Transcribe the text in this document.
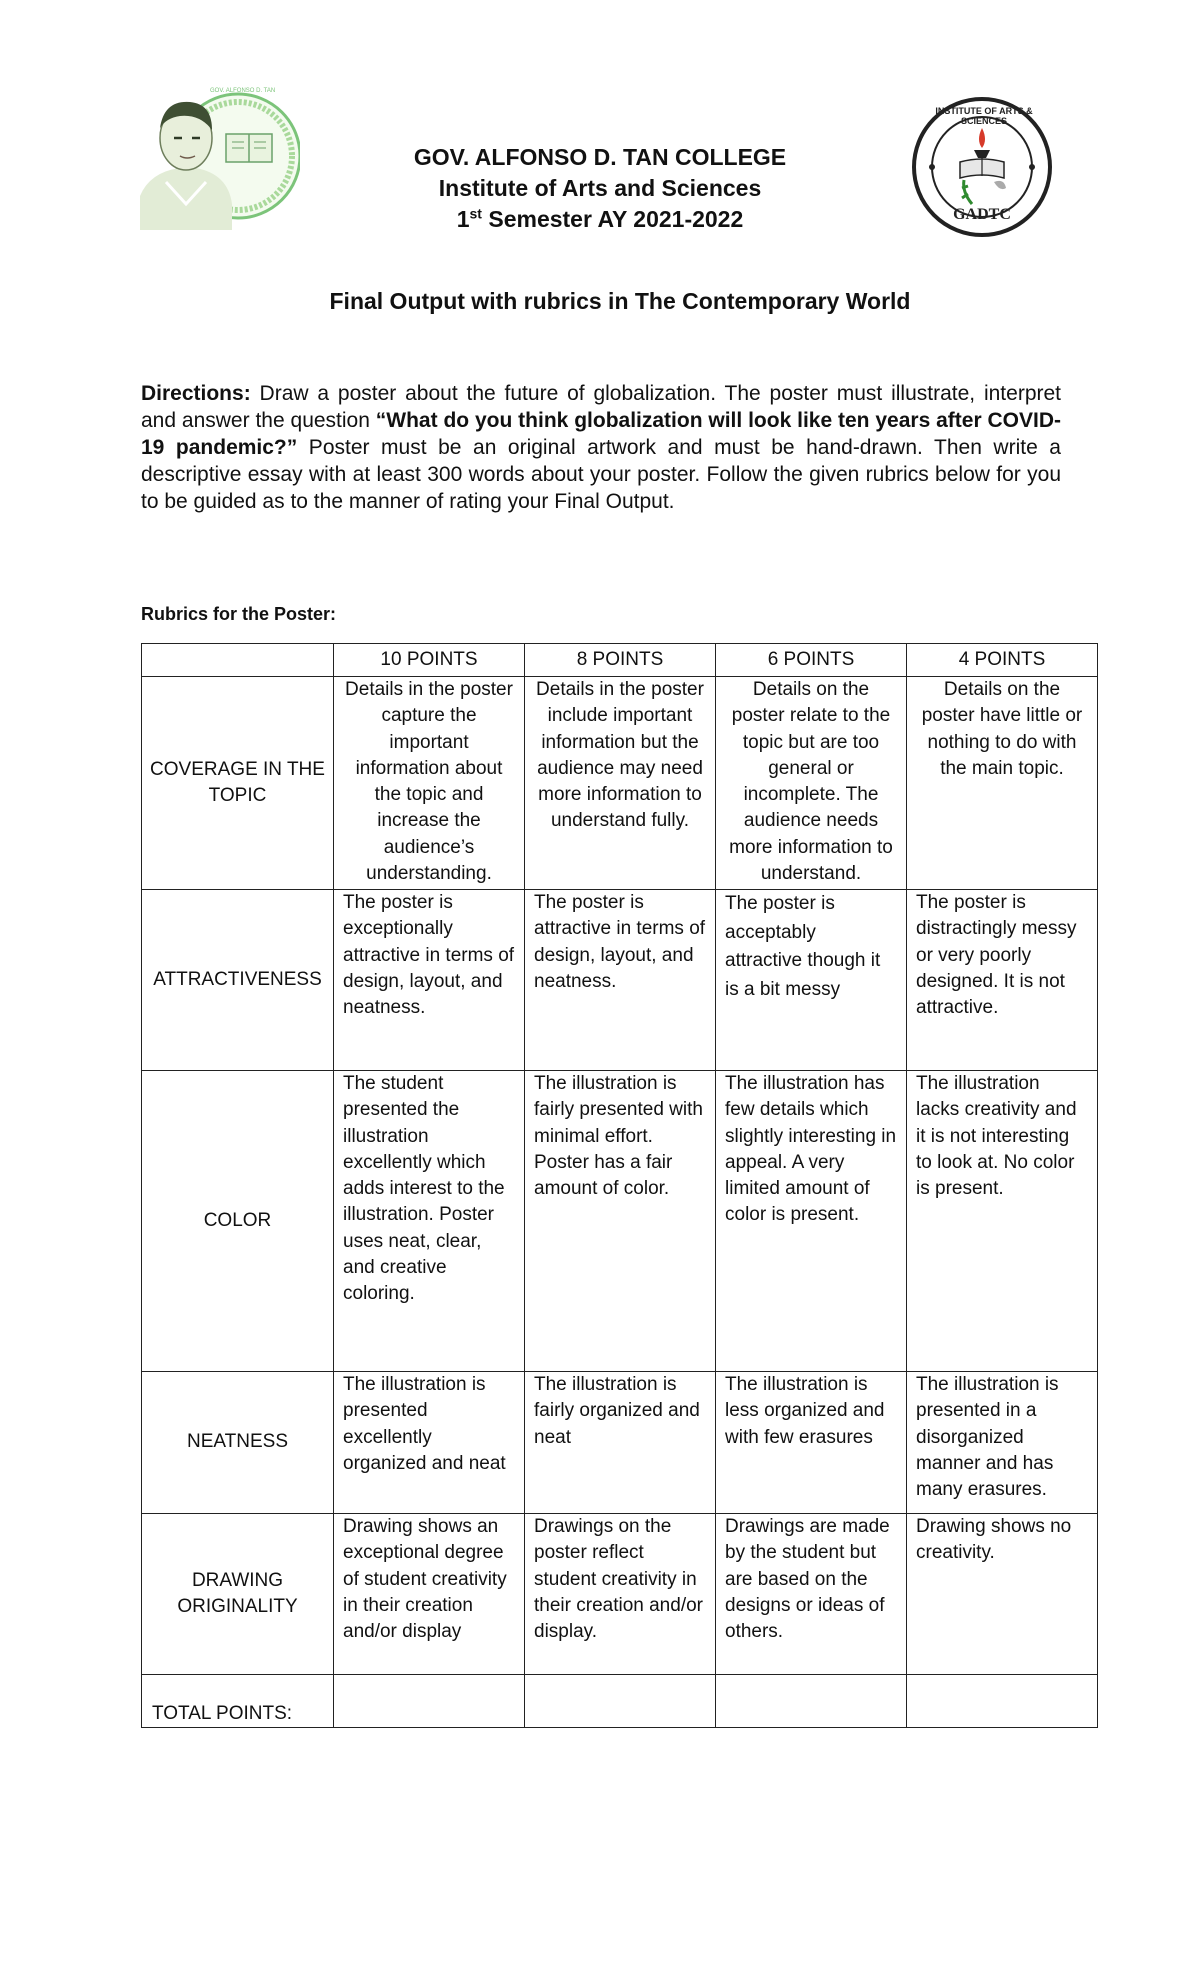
GOV. ALFONSO D. TAN
INSTITUTE OF ARTS & SCIENCES
GADTC
GOV. ALFONSO D. TAN COLLEGE
Institute of Arts and Sciences
1st Semester AY 2021-2022
Final Output with rubrics in The Contemporary World
Directions: Draw a poster about the future of globalization. The poster must illustrate, interpret and answer the question “What do you think globalization will look like ten years after COVID-19 pandemic?” Poster must be an original artwork and must be hand-drawn. Then write a descriptive essay with at least 300 words about your poster. Follow the given rubrics below for you to be guided as to the manner of rating your Final Output.
Rubrics for the Poster:
	10 POINTS	8 POINTS	6 POINTS	4 POINTS
COVERAGE IN THE TOPIC	Details in the poster capture the important information about the topic and increase the audience’s understanding.	Details in the poster include important information but the audience may need more information to understand fully.	Details on the poster relate to the topic but are too general or incomplete. The audience needs more information to understand.	Details on the poster have little or nothing to do with the main topic.
ATTRACTIVENESS	The poster is exceptionally attractive in terms of design, layout, and neatness.	The poster is attractive in terms of design, layout, and neatness.	The poster is acceptably attractive though it is a bit messy	The poster is distractingly messy or very poorly designed. It is not attractive.
COLOR	The student presented the illustration excellently which adds interest to the illustration. Poster uses neat, clear, and creative coloring.	The illustration is fairly presented with minimal effort. Poster has a fair amount of color.	The illustration has few details which slightly interesting in appeal. A very limited amount of color is present.	The illustration lacks creativity and it is not interesting to look at. No color is present.
NEATNESS	The illustration is presented excellently organized and neat	The illustration is fairly organized and neat	The illustration is less organized and with few erasures	The illustration is presented in a disorganized manner and has many erasures.
DRAWING ORIGINALITY	Drawing shows an exceptional degree of student creativity in their creation and/or display	Drawings on the poster reflect student creativity in their creation and/or display.	Drawings are made by the student but are based on the designs or ideas of others.	Drawing shows no creativity.
TOTAL POINTS:				
